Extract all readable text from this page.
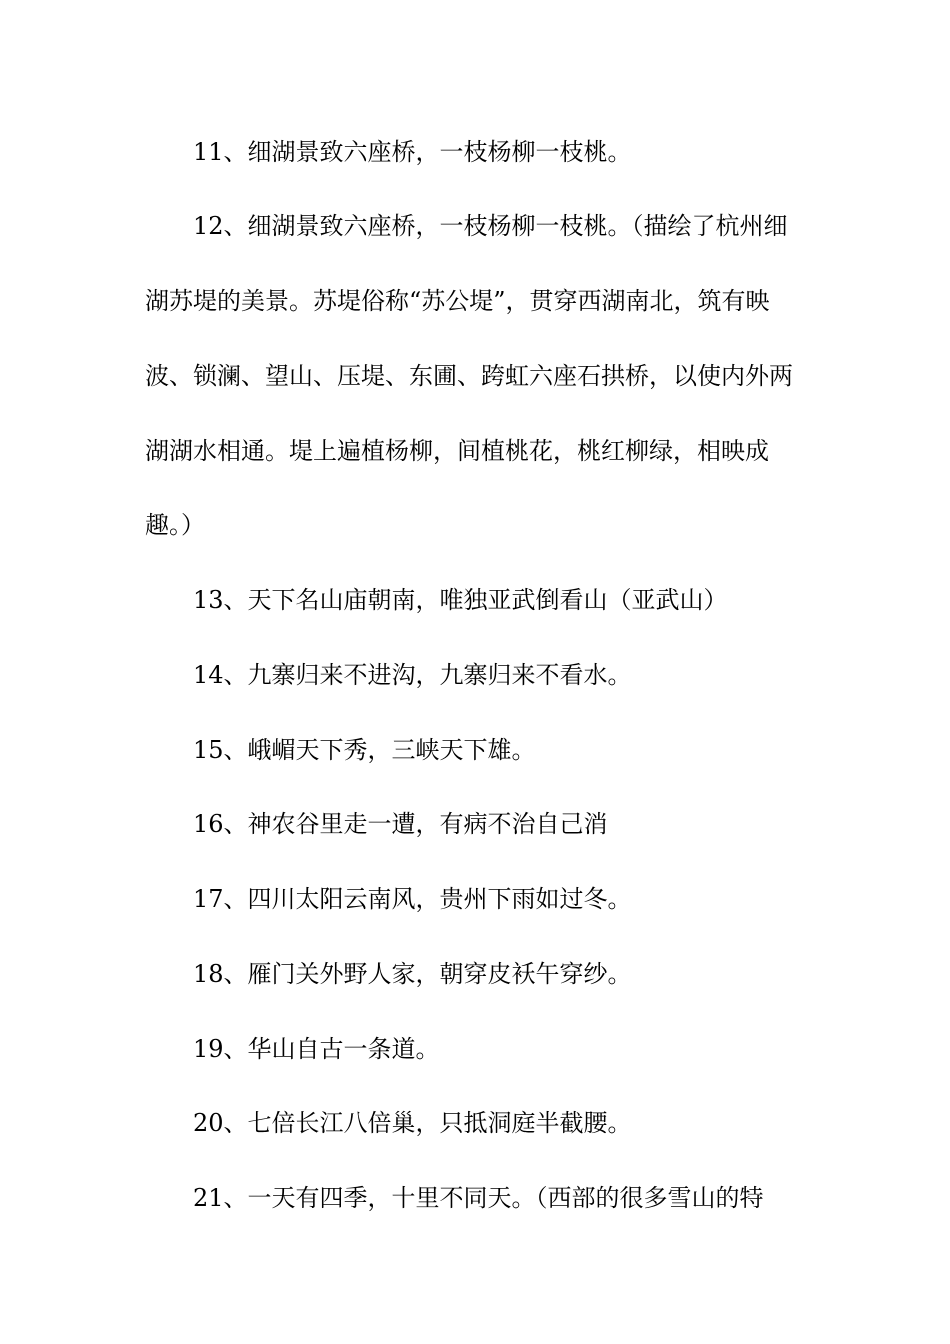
11、细湖景致六座桥，一枝杨柳一枝桃。
12、细湖景致六座桥，一枝杨柳一枝桃。（描绘了杭州细
湖苏堤的美景。苏堤俗称“苏公堤”，贯穿西湖南北，筑有映
波、锁澜、望山、压堤、东圃、跨虹六座石拱桥，以使内外两
湖湖水相通。堤上遍植杨柳，间植桃花，桃红柳绿，相映成
趣。）
13、天下名山庙朝南，唯独亚武倒看山（亚武山）
14、九寨归来不进沟，九寨归来不看水。
15、峨嵋天下秀，三峡天下雄。
16、神农谷里走一遭，有病不治自己消
17、四川太阳云南风，贵州下雨如过冬。
18、雁门关外野人家，朝穿皮袄午穿纱。
19、华山自古一条道。
20、七倍长江八倍巢，只抵洞庭半截腰。
21、一天有四季，十里不同天。（西部的很多雪山的特
